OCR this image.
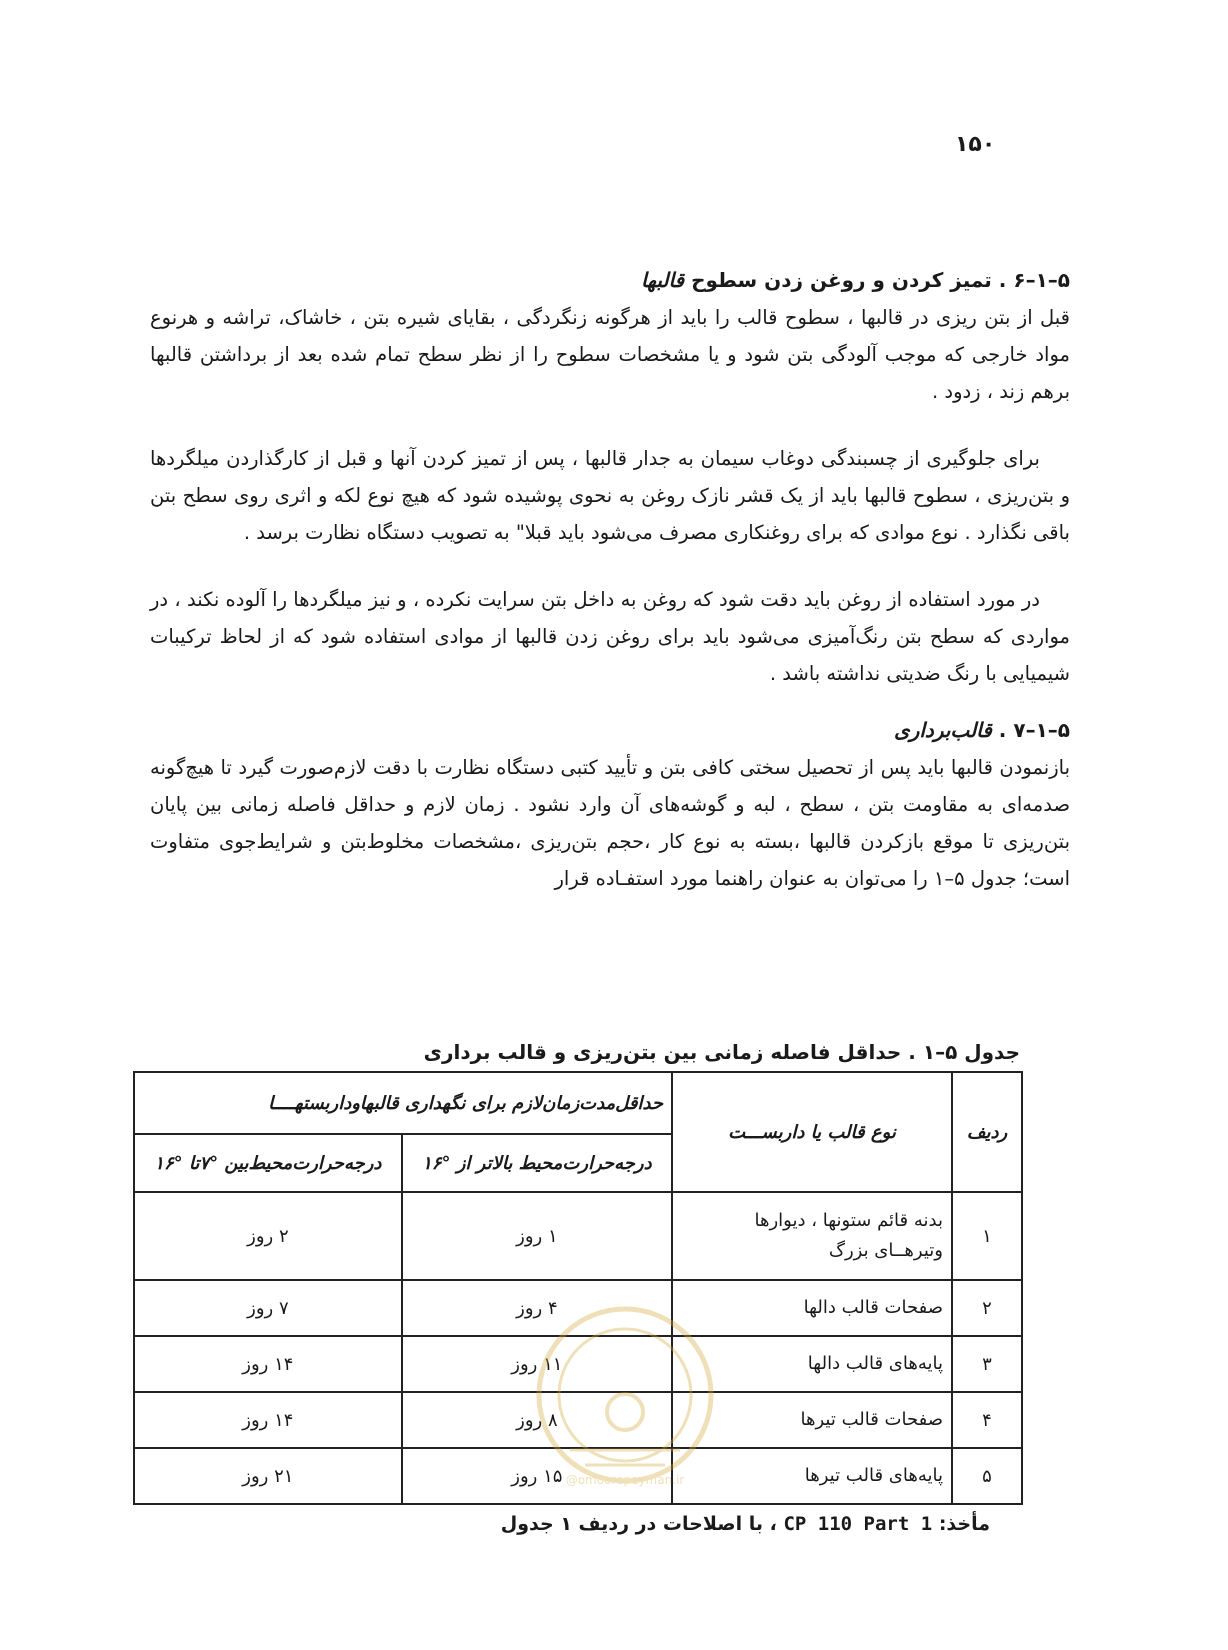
۱۵۰

۵–۱–۶ . تمیز کردن و روغن زدن سطوح قالبها

قبل از بتن ریزی در قالبها ، سطوح قالب را باید از هرگونه زنگردگی ، بقایای شیره بتن ، خاشاک، تراشه و هرنوع مواد خارجی که موجب آلودگی بتن شود و یا مشخصات سطوح را از نظر سطح تمام شده بعد از برداشتن قالبها برهم زند ، زدود .

برای جلوگیری از چسبندگی دوغاب سیمان به جدار قالبها ، پس از تمیز کردن آنها و قبل از کارگذاردن میلگردها و بتن‌ریزی ، سطوح قالبها باید از یک قشر نازک روغن به نحوی پوشیده شود که هیچ نوع لکه و اثری روی سطح بتن باقی نگذارد . نوع موادی که برای روغنکاری مصرف می‌شود باید قبلا" به تصویب دستگاه نظارت برسد .

در مورد استفاده از روغن باید دقت شود که روغن به داخل بتن سرایت نکرده ، و نیز میلگردها را آلوده نکند ، در مواردی که سطح بتن رنگ‌آمیزی می‌شود باید برای روغن زدن قالبها از موادی استفاده شود که از لحاظ ترکیبات شیمیایی با رنگ ضدیتی نداشته باشد .

۵–۱–۷ . قالب‌برداری

بازنمودن قالبها باید پس از تحصیل سختی کافی بتن و تأیید کتبی دستگاه نظارت با دقت لازم‌صورت گیرد تا هیچ‌گونه صدمه‌ای به مقاومت بتن ، سطح ، لبه و گوشه‌های آن وارد نشود . زمان لازم و حداقل فاصله زمانی بین پایان بتن‌ریزی تا موقع بازکردن قالبها ،بسته به نوع کار ،حجم بتن‌ریزی ،مشخصات مخلوط‌بتن و شرایط‌جوی متفاوت است؛ جدول ۵–۱ را می‌توان به عنوان راهنما مورد استفـاده قرار

جدول ۵–۱ . حداقل فاصله زمانی بین بتن‌ریزی و قالب برداری
ردیف	نوع قالب یا داربســـت	حداقل‌مدت‌زمان‌لازم برای نگهداری قالبهاوداربستهــــا	
		درجه‌حرارت‌محیط بالاتر از °۱۶	درجه‌حرارت‌محیط‌بین °۷تا °۱۶
۱	بدنه قائم ستونها ، دیوارها
وتیرهــای بزرگ	۱ روز	۲ روز
۲	صفحات قالب دالها	۴ روز	۷ روز
۳	پایه‌های قالب دالها	۱۱ روز	۱۴ روز
۴	صفحات قالب تیرها	۸ روز	۱۴ روز
۵	پایه‌های قالب تیرها	۱۵ روز	۲۱ روز
مأخذ: CP 110 Part 1 ، با اصلاحات در ردیف ۱ جدول
@omoorepeyman.ir
